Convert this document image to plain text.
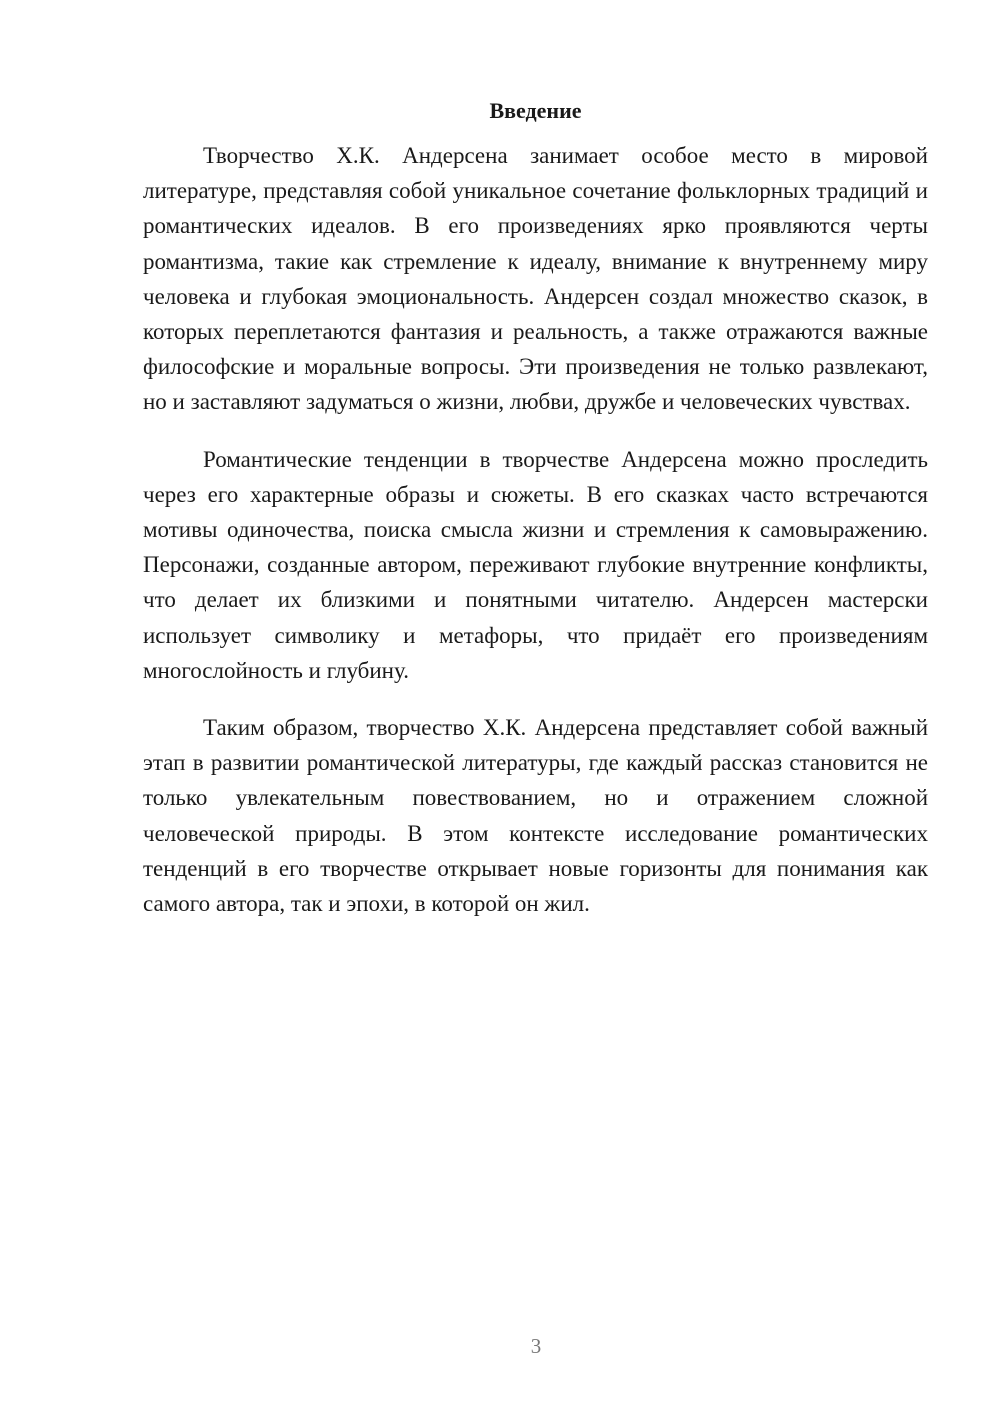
Введение

Творчество Х.К. Андерсена занимает особое место в мировой литературе, представляя собой уникальное сочетание фольклорных традиций и романтических идеалов. В его произведениях ярко проявляются черты романтизма, такие как стремление к идеалу, внимание к внутреннему миру человека и глубокая эмоциональность. Андерсен создал множество сказок, в которых переплетаются фантазия и реальность, а также отражаются важные философские и моральные вопросы. Эти произведения не только развлекают, но и заставляют задуматься о жизни, любви, дружбе и человеческих чувствах.

Романтические тенденции в творчестве Андерсена можно проследить через его характерные образы и сюжеты. В его сказках часто встречаются мотивы одиночества, поиска смысла жизни и стремления к самовыражению. Персонажи, созданные автором, переживают глубокие внутренние конфликты, что делает их близкими и понятными читателю. Андерсен мастерски использует символику и метафоры, что придаёт его произведениям многослойность и глубину.

Таким образом, творчество Х.К. Андерсена представляет собой важный этап в развитии романтической литературы, где каждый рассказ становится не только увлекательным повествованием, но и отражением сложной человеческой природы. В этом контексте исследование романтических тенденций в его творчестве открывает новые горизонты для понимания как самого автора, так и эпохи, в которой он жил.

3
